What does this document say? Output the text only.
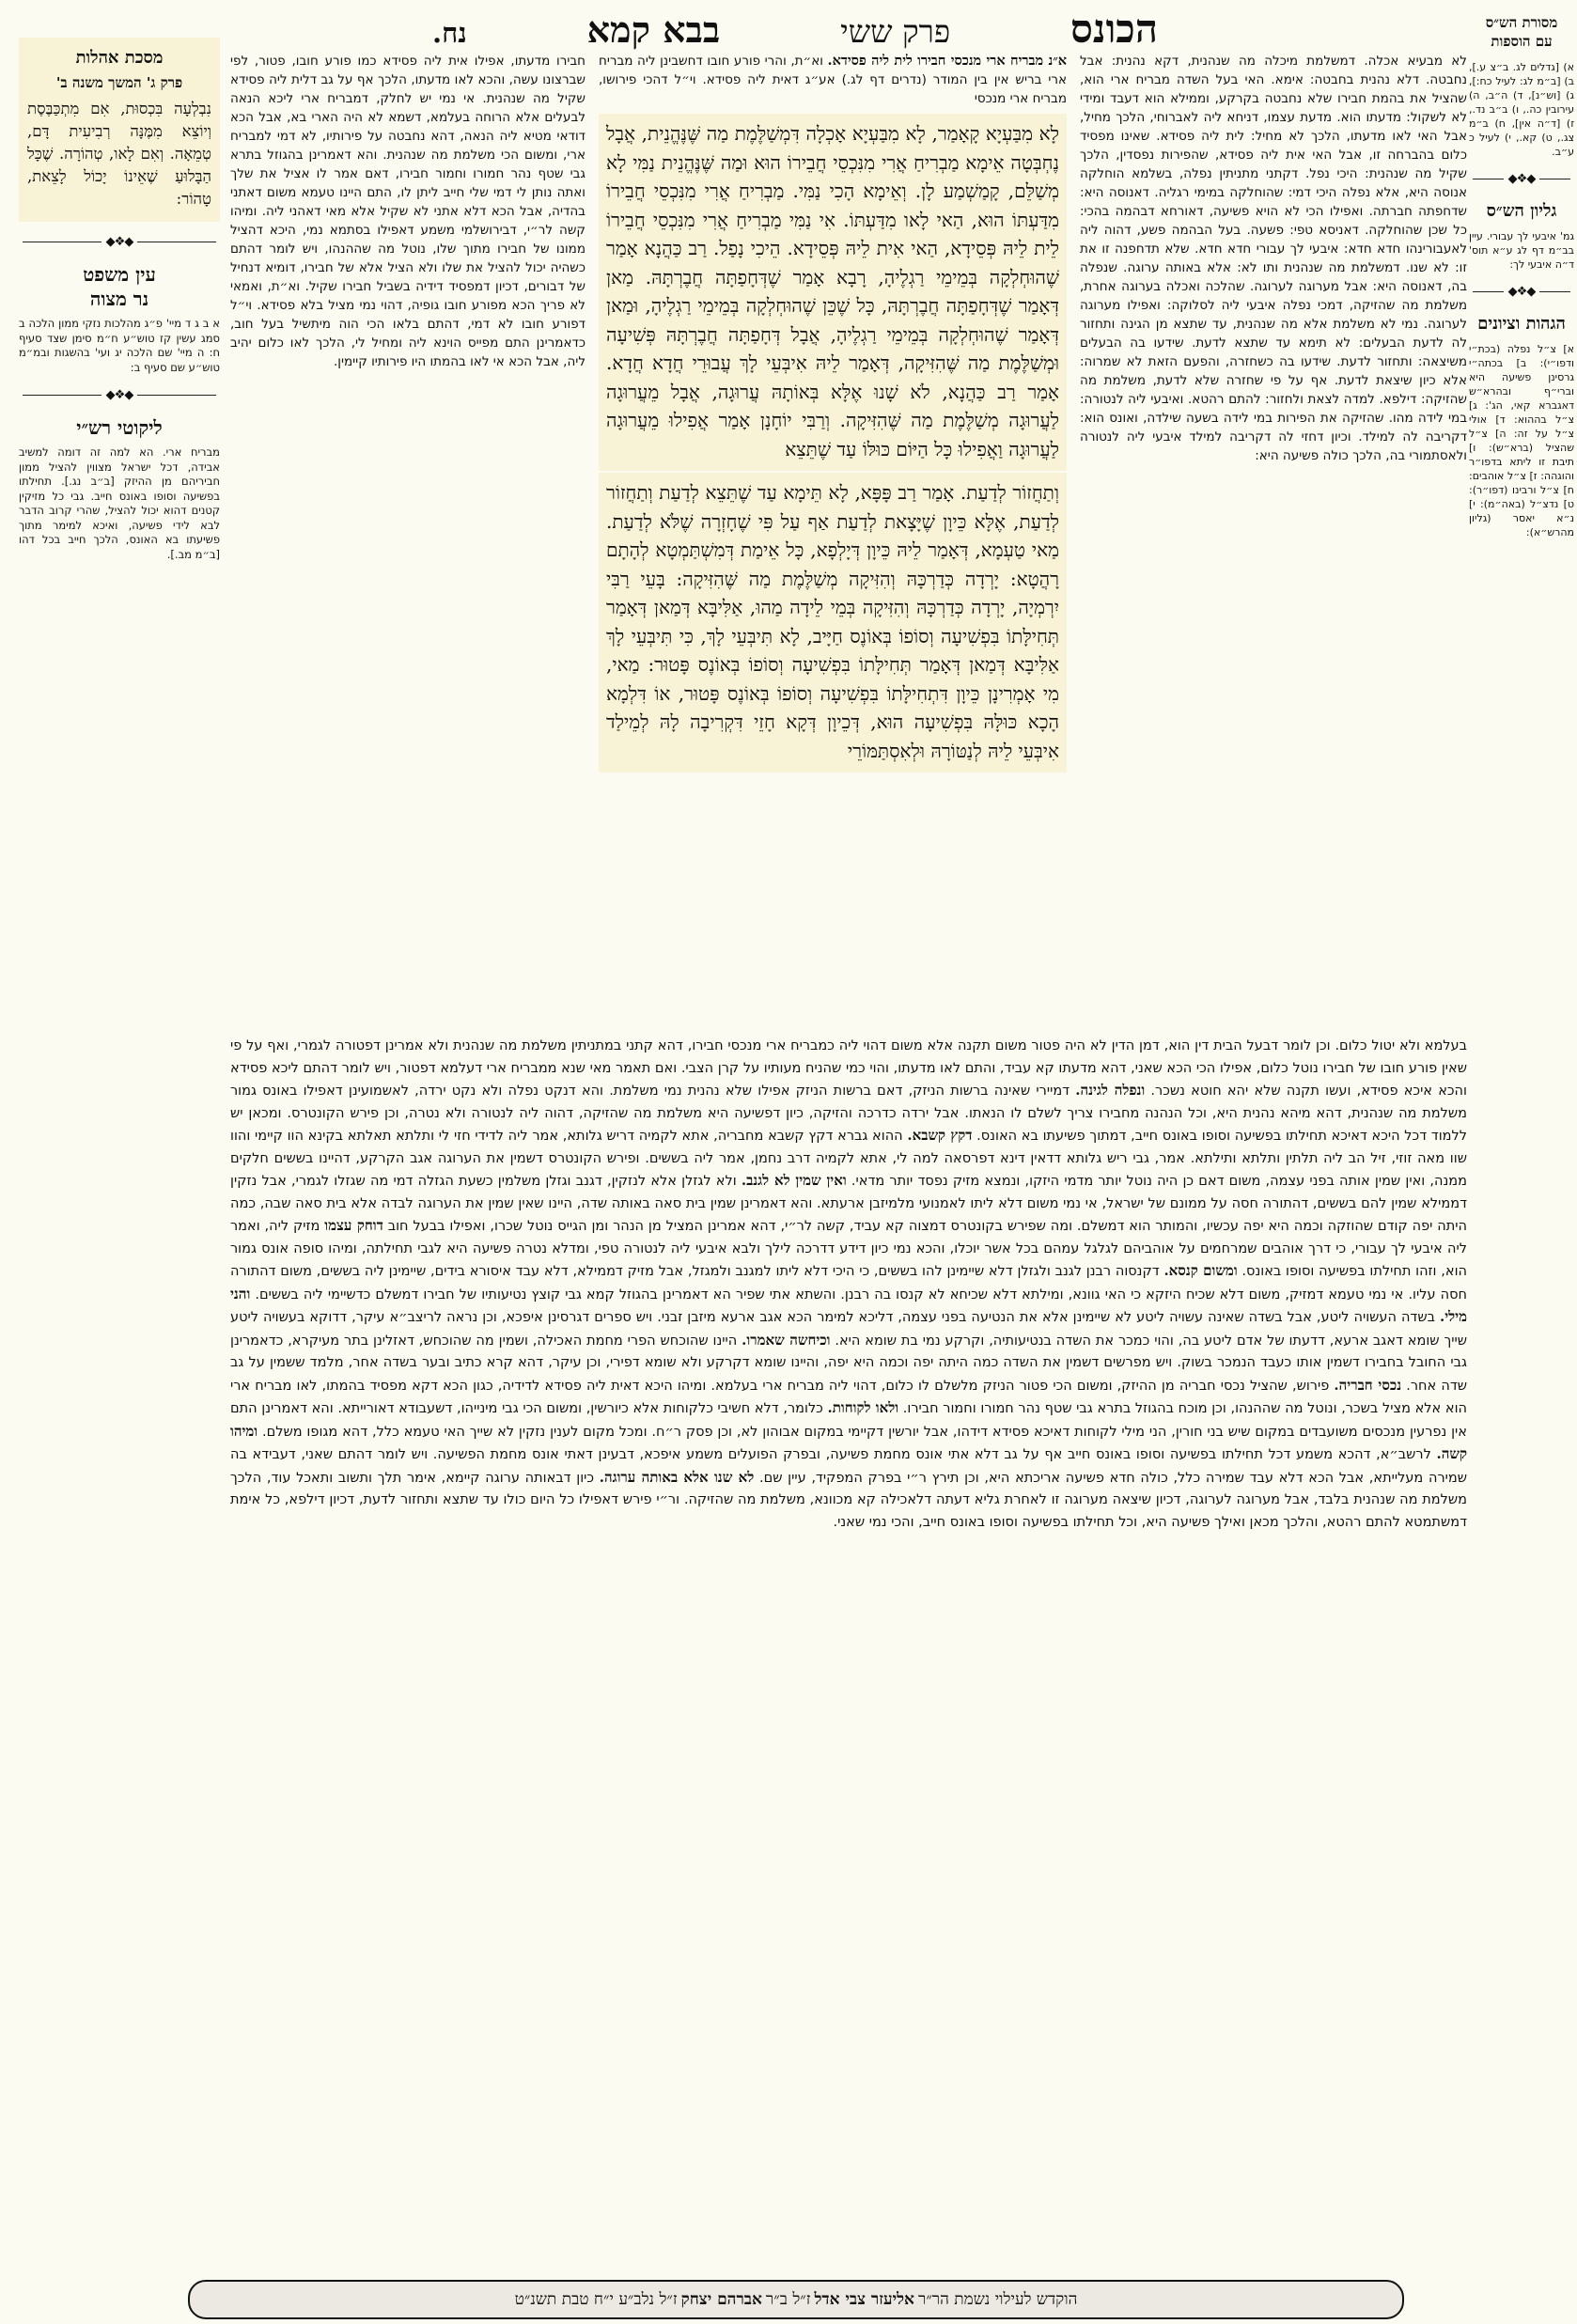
מסורת הש״ס
עם הוספות
הכונס
פרק ששי
בבא קמא
נח.
מסכת אהלות
פרק ג' המשך משנה ב'
נִבְלְעָה בִּכְסוּת, אִם מִתְכַּבֶּסֶת וְיוֹצֵא מִמֶּנָּה רְבִיעִית דָּם, טְמֵאָה. וְאִם לָאו, טְהוֹרָה. שֶׁכָּל הַבָּלוּעַ שֶׁאֵינוֹ יָכוֹל לָצֵאת, טָהוֹר:
◆❖◆
עין משפט
נר מצוה
א ב ג ד מיי' פ״ג מהלכות נזקי ממון הלכה ב סמג עשין קז טוש״ע ח״מ סימן שצד סעיף ח: ה מיי' שם הלכה יג ועי' בהשגות ובמ״מ טוש״ע שם סעיף ב:
◆❖◆
ליקוטי רש״י
מבריח ארי. הא למה זה דומה למשיב אבידה, דכל ישראל מצווין להציל ממון חביריהם מן ההיזק [ב״ב נג.]. תחילתו בפשיעה וסופו באונס חייב. גבי כל מזיקין קטנים דהוא יכול להציל, שהרי קרוב הדבר לבא לידי פשיעה, ואיכא למימר מתוך פשיעתו בא האונס, הלכך חייב בכל דהו [ב״מ מב.].
א) [גדלים לג. ב״צ ע.], ב) [ב״מ לג: לעיל כח:], ג) [וש״נ], ד) ה״ב, ה) עירובין כה., ו) ב״ב נד., ז) [ד״ה אין], ח) ב״מ צג., ט) קא., י) לעיל כ ע״ב.
◆❖◆
גליון הש״ס
גמ' איבעי לך עבורי. עיין בב״מ דף לג ע״א תוס' ד״ה איבעי לך:
◆❖◆
הגהות וציונים
א] צ״ל נפלה (בכת״י ודפו״י): ב] בכתה״י גרסינן פשיעה היא וברי״ף ובהרא״ש דאגברא קאי, הג': ג] צ״ל בההוא: ד] אולי צ״ל על זה: ה] צ״ל שהציל (ברא״ש): ו] תיבת זו ליתא בדפו״ר והוגהה: ז] צ״ל אוהבים: ח] צ״ל ורבינו (דפו״ר): ט] נדצ״ל (באה״מ): י] נ״א יאסר (גליון מהרש״א):
לא מבעיא אכלה. דמשלמת מיכלה מה שנהנית, דקא נהנית: אבל נחבטה. דלא נהנית בחבטה: אימא. האי בעל השדה מבריח ארי הוא, שהציל את בהמת חבירו שלא נחבטה בקרקע, וממילא הוא דעבד ומידי לא לשקול: מדעתו הוא. מדעת עצמו, דניחא ליה לאברוחי, הלכך מחיל, אבל האי לאו מדעתו, הלכך לא מחיל: לית ליה פסידא. שאינו מפסיד כלום בהברחה זו, אבל האי אית ליה פסידא, שהפירות נפסדין, הלכך שקיל מה שנהנית: היכי נפל. דקתני מתניתין נפלה, בשלמא הוחלקה אנוסה היא, אלא נפלה היכי דמי: שהוחלקה במימי רגליה. דאנוסה היא: שדחפתה חברתה. ואפילו הכי לא הויא פשיעה, דאורחא דבהמה בהכי: כל שכן שהוחלקה. דאניסא טפי: פשעה. בעל הבהמה פשע, דהוה ליה לאעבורינהו חדא חדא: איבעי לך עבורי חדא חדא. שלא תדחפנה זו את זו: לא שנו. דמשלמת מה שנהנית ותו לא: אלא באותה ערוגה. שנפלה בה, דאנוסה היא: אבל מערוגה לערוגה. שהלכה ואכלה בערוגה אחרת, משלמת מה שהזיקה, דמכי נפלה איבעי ליה לסלוקה: ואפילו מערוגה לערוגה. נמי לא משלמת אלא מה שנהנית, עד שתצא מן הגינה ותחזור לה לדעת הבעלים: לא תימא עד שתצא לדעת. שידעו בה הבעלים משיצאה: ותחזור לדעת. שידעו בה כשחזרה, והפעם הזאת לא שמרוה: אלא כיון שיצאת לדעת. אף על פי שחזרה שלא לדעת, משלמת מה שהזיקה: דילפא. למדה לצאת ולחזור: להתם רהטא. ואיבעי ליה לנטורה: במי לידה מהו. שהזיקה את הפירות במי לידה בשעה שילדה, ואונס הוא: דקריבה לה למילד. וכיון דחזי לה דקריבה למילד איבעי ליה לנטורה ולאסתמורי בה, הלכך כולה פשיעה היא:
א״נ מבריח ארי מנכסי חבירו לית ליה פסידא. וא״ת, והרי פורע חובו דחשבינן ליה מבריח ארי בריש אין בין המודר (נדרים דף לג.) אע״ג דאית ליה פסידא. וי״ל דהכי פירושו, מבריח ארי מנכסי
לָא מִבַּעְיָא קָאָמַר, לָא מִבַּעְיָא אָכְלָה דִּמְשַׁלֶּמֶת מַה שֶּׁנֶּהֱנֵית, אֲבָל נֶחְבְּטָה אֵימָא מַבְרִיחַ אֲרִי מִנִּכְסֵי חֲבֵירוֹ הוּא וּמַה שֶּׁנֶּהֱנֵית נַמִּי לָא מְשַׁלֵּם, קָמַשְׁמַע לָן. וְאֵימָא הָכִי נַמִּי. מַבְרִיחַ אֲרִי מִנִּכְסֵי חֲבֵירוֹ מִדַּעְתּוֹ הוּא, הַאי לָאו מִדַּעְתּוֹ. אִי נַמִּי מַבְרִיחַ אֲרִי מִנִּכְסֵי חֲבֵירוֹ לֵית לֵיהּ פְּסֵידָא, הַאי אִית לֵיהּ פְּסֵידָא. הֵיכִי נָפַל. רַב כַּהֲנָא אָמַר שֶׁהוּחְלְקָה בְּמֵימֵי רַגְלֶיהָ, רָבָא אָמַר שֶׁדְּחָפַתָּה חֲבֶרְתָּהּ. מַאן דְּאָמַר שֶׁדְּחָפַתָּה חֲבֶרְתָּהּ, כָּל שֶׁכֵּן שֶׁהוּחְלְקָה בְּמֵימֵי רַגְלֶיהָ, וּמַאן דְּאָמַר שֶׁהוּחְלְקָה בְּמֵימֵי רַגְלֶיהָ, אֲבָל דְּחָפַתָּה חֲבֶרְתָּהּ פְּשִׁיעָה וּמְשַׁלֶּמֶת מַה שֶּׁהִזִּיקָה, דְּאָמַר לֵיהּ אִיבְּעֵי לָךְ עֲבוּרֵי חֲדָא חֲדָא. אָמַר רַב כַּהֲנָא, לֹא שָׁנוּ אֶלָּא בְּאוֹתָהּ עֲרוּגָה, אֲבָל מֵעֲרוּגָה לַעֲרוּגָה מְשַׁלֶּמֶת מַה שֶּׁהִזִּיקָה. וְרַבִּי יוֹחָנָן אָמַר אֲפִילוּ מֵעֲרוּגָה לַעֲרוּגָה וַאֲפִילוּ כָּל הַיּוֹם כּוּלּוֹ עַד שֶׁתֵּצֵא
וְתַחֲזוֹר לְדַעַת. אָמַר רַב פָּפָּא, לָא תֵּימָא עַד שֶׁתֵּצֵא לְדַעַת וְתַחֲזוֹר לְדַעַת, אֶלָּא כֵּיוָן שֶׁיָּצָאת לְדַעַת אַף עַל פִּי שֶׁחָזְרָה שֶׁלֹּא לְדַעַת. מַאי טַעְמָא, דְּאָמַר לֵיהּ כֵּיוָן דְּיָלְפָא, כָּל אֵימַת דְּמִשְׁתַּמְטָא לְהָתָם רָהֲטָא: יָרְדָה כְּדַרְכָּהּ וְהִזִּיקָה מְשַׁלֶּמֶת מַה שֶּׁהִזִּיקָה: בָּעֵי רַבִּי יִרְמְיָה, יָרְדָה כְּדַרְכָּהּ וְהִזִּיקָה בְּמֵי לֵידָה מַהוּ, אַלִּיבָּא דְּמַאן דְּאָמַר תְּחִילָּתוֹ בִּפְשִׁיעָה וְסוֹפוֹ בְּאוֹנֶס חַיָּיב, לָא תִּיבְּעֵי לָךְ, כִּי תִּיבְּעֵי לָךְ אַלִּיבָּא דְּמַאן דְּאָמַר תְּחִילָּתוֹ בִּפְשִׁיעָה וְסוֹפוֹ בְּאוֹנֶס פָּטוּר: מַאי, מִי אָמְרִינָן כֵּיוָן דִּתְחִילָּתוֹ בִּפְשִׁיעָה וְסוֹפוֹ בְּאוֹנֶס פָּטוּר, אוֹ דִּלְמָא הָכָא כּוּלָּהּ בִּפְשִׁיעָה הוּא, דְּכֵיוָן דְּקָא חָזֵי דִּקְרִיבָה לָהּ לְמֵילַד אִיבְּעֵי לֵיהּ לְנַטּוֹרָהּ וּלְאִסְתַּמּוֹרֵי
חבירו מדעתו, אפילו אית ליה פסידא כמו פורע חובו, פטור, לפי שברצונו עשה, והכא לאו מדעתו, הלכך אף על גב דלית ליה פסידא שקיל מה שנהנית. אי נמי יש לחלק, דמבריח ארי ליכא הנאה לבעלים אלא הרוחה בעלמא, דשמא לא היה הארי בא, אבל הכא דודאי מטיא ליה הנאה, דהא נחבטה על פירותיו, לא דמי למבריח ארי, ומשום הכי משלמת מה שנהנית. והא דאמרינן בהגוזל בתרא גבי שטף נהר חמורו וחמור חבירו, דאם אמר לו אציל את שלך ואתה נותן לי דמי שלי חייב ליתן לו, התם היינו טעמא משום דאתני בהדיה, אבל הכא דלא אתני לא שקיל אלא מאי דאהני ליה. ומיהו קשה לר״י, דבירושלמי משמע דאפילו בסתמא נמי, היכא דהציל ממונו של חבירו מתוך שלו, נוטל מה שההנהו, ויש לומר דהתם כשהיה יכול להציל את שלו ולא הציל אלא של חבירו, דומיא דנחיל של דבורים, דכיון דמפסיד דידיה בשביל חבירו שקיל. וא״ת, ואמאי לא פריך הכא מפורע חובו גופיה, דהוי נמי מציל בלא פסידא. וי״ל דפורע חובו לא דמי, דהתם בלאו הכי הוה מיתשיל בעל חוב, כדאמרינן התם מפייס הוינא ליה ומחיל לי, הלכך לאו כלום יהיב ליה, אבל הכא אי לאו בהמתו היו פירותיו קיימין.
בעלמא ולא יטול כלום. וכן לומר דבעל הבית דין הוא, דמן הדין לא היה פטור משום תקנה אלא משום דהוי ליה כמבריח ארי מנכסי חבירו, דהא קתני במתניתין משלמת מה שנהנית ולא אמרינן דפטורה לגמרי, ואף על פי שאין פורע חובו של חבירו נוטל כלום, אפילו הכי הכא שאני, דהא מדעתו קא עביד, והתם לאו מדעתו, והוי כמי שהניח מעותיו על קרן הצבי. ואם תאמר מאי שנא ממבריח ארי דעלמא דפטור, ויש לומר דהתם ליכא פסידא והכא איכא פסידא, ועשו תקנה שלא יהא חוטא נשכר. ונפלה לגינה. דמיירי שאינה ברשות הניזק, דאם ברשות הניזק אפילו שלא נהנית נמי משלמת. והא דנקט נפלה ולא נקט ירדה, לאשמועינן דאפילו באונס גמור משלמת מה שנהנית, דהא מיהא נהנית היא, וכל הנהנה מחבירו צריך לשלם לו הנאתו. אבל ירדה כדרכה והזיקה, כיון דפשיעה היא משלמת מה שהזיקה, דהוה ליה לנטורה ולא נטרה, וכן פירש הקונטרס. ומכאן יש ללמוד דכל היכא דאיכא תחילתו בפשיעה וסופו באונס חייב, דמתוך פשיעתו בא האונס. דקץ קשבא. ההוא גברא דקץ קשבא מחבריה, אתא לקמיה דריש גלותא, אמר ליה לדידי חזי לי ותלתא תאלתא בקינא הוו קיימי והוו שוו מאה זוזי, זיל הב ליה תלתין ותלתא ותילתא. אמר, גבי ריש גלותא דדאין דינא דפרסאה למה לי, אתא לקמיה דרב נחמן, אמר ליה בששים. ופירש הקונטרס דשמין את הערוגה אגב הקרקע, דהיינו בששים חלקים ממנה, ואין שמין אותה בפני עצמה, משום דאם כן היה נוטל יותר מדמי היזקו, ונמצא מזיק נפסד יותר מדאי. ואין שמין לא לגנב. ולא לגזלן אלא לנזקין, דגנב וגזלן משלמין כשעת הגזלה דמי מה שגזלו לגמרי, אבל נזקין דממילא שמין להם בששים, דהתורה חסה על ממונם של ישראל, אי נמי משום דלא ליתו לאמנועי מלמיזבן ארעתא. והא דאמרינן שמין בית סאה באותה שדה, היינו שאין שמין את הערוגה לבדה אלא בית סאה שבה, כמה היתה יפה קודם שהוזקה וכמה היא יפה עכשיו, והמותר הוא דמשלם. ומה שפירש בקונטרס דמצוה קא עביד, קשה לר״י, דהא אמרינן המציל מן הנהר ומן הגייס נוטל שכרו, ואפילו בבעל חוב דוחק עצמו מזיק ליה, ואמר ליה איבעי לך עבורי, כי דרך אוהבים שמרחמים על אוהביהם לגלגל עמהם בכל אשר יוכלו, והכא נמי כיון דידע דדרכה לילך ולבא איבעי ליה לנטורה טפי, ומדלא נטרה פשיעה היא לגבי תחילתה, ומיהו סופה אונס גמור הוא, וזהו תחילתו בפשיעה וסופו באונס. ומשום קנסא. דקנסוה רבנן לגנב ולגזלן דלא שיימינן להו בששים, כי היכי דלא ליתו למגנב ולמגזל, אבל מזיק דממילא, דלא עבד איסורא בידים, שיימינן ליה בששים, משום דהתורה חסה עליו. אי נמי טעמא דמזיק, משום דלא שכיח היזקא כי האי גוונא, ומילתא דלא שכיחא לא קנסו בה רבנן. והשתא אתי שפיר הא דאמרינן בהגוזל קמא גבי קוצץ נטיעותיו של חבירו דמשלם כדשיימי ליה בששים. והני מילי. בשדה העשויה ליטע, אבל בשדה שאינה עשויה ליטע לא שיימינן אלא את הנטיעה בפני עצמה, דליכא למימר הכא אגב ארעא מיזבן זבני. ויש ספרים דגרסינן איפכא, וכן נראה לריצב״א עיקר, דדוקא בעשויה ליטע שייך שומא דאגב ארעא, דדעתו של אדם ליטע בה, והוי כמכר את השדה בנטיעותיה, וקרקע נמי בת שומא היא. וכיחשה שאמרו. היינו שהוכחש הפרי מחמת האכילה, ושמין מה שהוכחש, דאזלינן בתר מעיקרא, כדאמרינן גבי החובל בחבירו דשמין אותו כעבד הנמכר בשוק. ויש מפרשים דשמין את השדה כמה היתה יפה וכמה היא יפה, והיינו שומא דקרקע ולא שומא דפירי, וכן עיקר, דהא קרא כתיב ובער בשדה אחר, מלמד ששמין על גב שדה אחר. נכסי חבריה. פירוש, שהציל נכסי חבריה מן ההיזק, ומשום הכי פטור הניזק מלשלם לו כלום, דהוי ליה מבריח ארי בעלמא. ומיהו היכא דאית ליה פסידא לדידיה, כגון הכא דקא מפסיד בהמתו, לאו מבריח ארי הוא אלא מציל בשכר, ונוטל מה שההנהו, וכן מוכח בהגוזל בתרא גבי שטף נהר חמורו וחמור חבירו. ולאו לקוחות. כלומר, דלא חשיבי כלקוחות אלא כיורשין, ומשום הכי גבי מינייהו, דשעבודא דאורייתא. והא דאמרינן התם אין נפרעין מנכסים משועבדים במקום שיש בני חורין, הני מילי לקוחות דאיכא פסידא דידהו, אבל יורשין דקיימי במקום אבוהון לא, וכן פסק ר״ח. ומכל מקום לענין נזקין לא שייך האי טעמא כלל, דהא מגופו משלם. ומיהו קשה. לרשב״א, דהכא משמע דכל תחילתו בפשיעה וסופו באונס חייב אף על גב דלא אתי אונס מחמת פשיעה, ובפרק הפועלים משמע איפכא, דבעינן דאתי אונס מחמת הפשיעה. ויש לומר דהתם שאני, דעבידא בה שמירה מעלייתא, אבל הכא דלא עבד שמירה כלל, כולה חדא פשיעה אריכתא היא, וכן תירץ ר״י בפרק המפקיד, עיין שם. לא שנו אלא באותה ערוגה. כיון דבאותה ערוגה קיימא, אימר תלך ותשוב ותאכל עוד, הלכך משלמת מה שנהנית בלבד, אבל מערוגה לערוגה, דכיון שיצאה מערוגה זו לאחרת גליא דעתה דלאכילה קא מכוונא, משלמת מה שהזיקה. ור״י פירש דאפילו כל היום כולו עד שתצא ותחזור לדעת, דכיון דילפא, כל אימת דמשתמטא להתם רהטא, והלכך מכאן ואילך פשיעה היא, וכל תחילתו בפשיעה וסופו באונס חייב, והכי נמי שאני.
הוקדש לעילוי נשמת הר״ר
אליעזר צבי אדל
ז״ל ב״ר
אברהם יצחק
ז״ל נלב״ע י״ח טבת תשנ״ט
